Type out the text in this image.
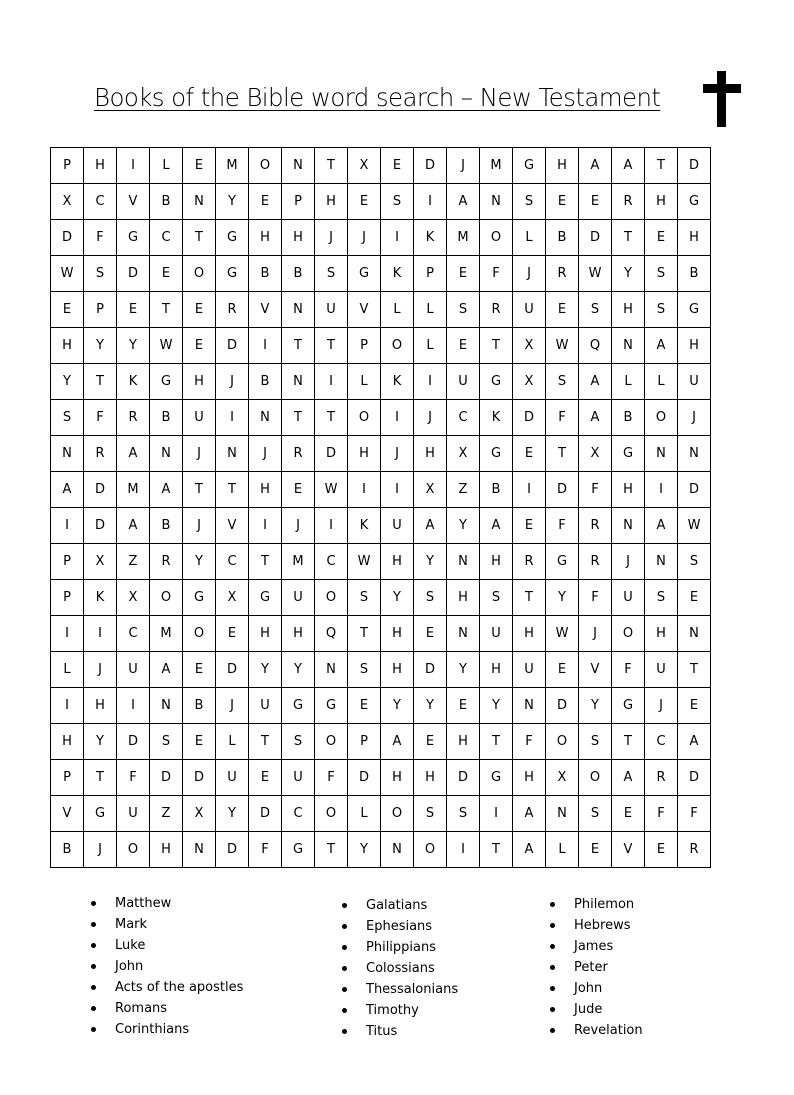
Books of the Bible word search – New Testament
P	H	I	L	E	M	O	N	T	X	E	D	J	M	G	H	A	A	T	D
X	C	V	B	N	Y	E	P	H	E	S	I	A	N	S	E	E	R	H	G
D	F	G	C	T	G	H	H	J	J	I	K	M	O	L	B	D	T	E	H
W	S	D	E	O	G	B	B	S	G	K	P	E	F	J	R	W	Y	S	B
E	P	E	T	E	R	V	N	U	V	L	L	S	R	U	E	S	H	S	G
H	Y	Y	W	E	D	I	T	T	P	O	L	E	T	X	W	Q	N	A	H
Y	T	K	G	H	J	B	N	I	L	K	I	U	G	X	S	A	L	L	U
S	F	R	B	U	I	N	T	T	O	I	J	C	K	D	F	A	B	O	J
N	R	A	N	J	N	J	R	D	H	J	H	X	G	E	T	X	G	N	N
A	D	M	A	T	T	H	E	W	I	I	X	Z	B	I	D	F	H	I	D
I	D	A	B	J	V	I	J	I	K	U	A	Y	A	E	F	R	N	A	W
P	X	Z	R	Y	C	T	M	C	W	H	Y	N	H	R	G	R	J	N	S
P	K	X	O	G	X	G	U	O	S	Y	S	H	S	T	Y	F	U	S	E
I	I	C	M	O	E	H	H	Q	T	H	E	N	U	H	W	J	O	H	N
L	J	U	A	E	D	Y	Y	N	S	H	D	Y	H	U	E	V	F	U	T
I	H	I	N	B	J	U	G	G	E	Y	Y	E	Y	N	D	Y	G	J	E
H	Y	D	S	E	L	T	S	O	P	A	E	H	T	F	O	S	T	C	A
P	T	F	D	D	U	E	U	F	D	H	H	D	G	H	X	O	A	R	D
V	G	U	Z	X	Y	D	C	O	L	O	S	S	I	A	N	S	E	F	F
B	J	O	H	N	D	F	G	T	Y	N	O	I	T	A	L	E	V	E	R
Matthew
Mark
Luke
John
Acts of the apostles
Romans
Corinthians
Galatians
Ephesians
Philippians
Colossians
Thessalonians
Timothy
Titus
Philemon
Hebrews
James
Peter
John
Jude
Revelation
